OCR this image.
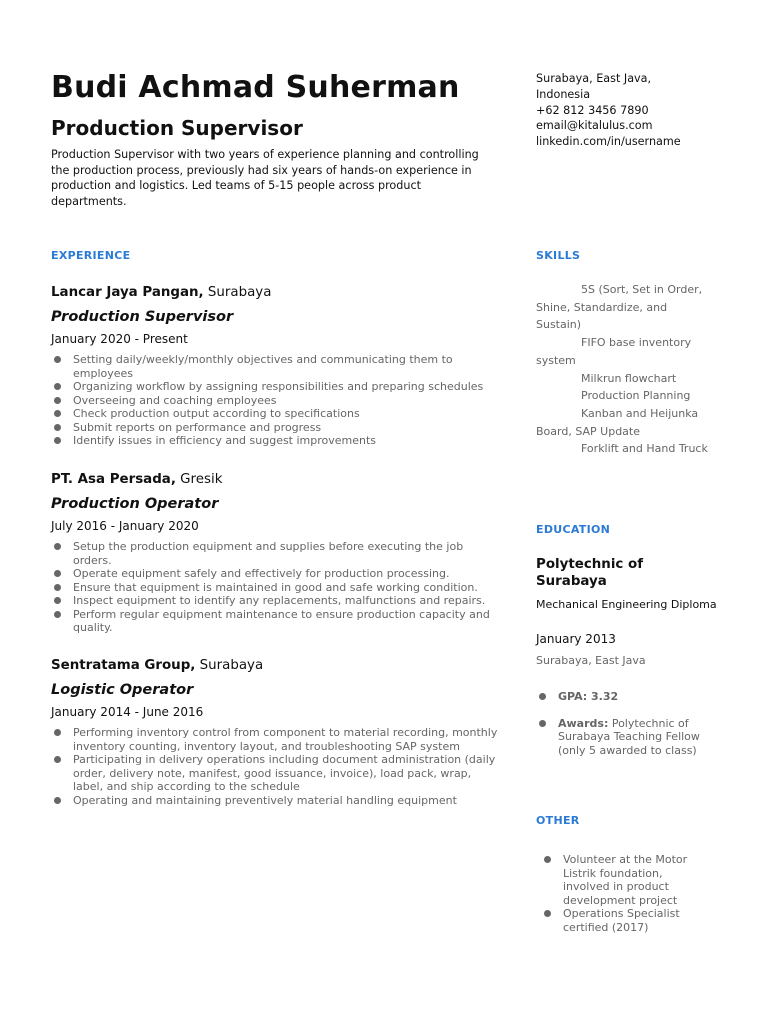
Budi Achmad Suherman
Production Supervisor

Production Supervisor with two years of experience planning and controlling the production process, previously had six years of hands-on experience in production and logistics. Led teams of 5-15 people across product departments.

Surabaya, East Java,
Indonesia
+62 812 3456 7890
email@kitalulus.com
linkedin.com/in/username
EXPERIENCE	SKILLS
EDUCATION
OTHER

Lancar Jaya Pangan, Surabaya

Production Supervisor

January 2020 - Present

Setting daily/weekly/monthly objectives and communicating them to employees
Organizing workflow by assigning responsibilities and preparing schedules
Overseeing and coaching employees
Check production output according to specifications
Submit reports on performance and progress
Identify issues in efficiency and suggest improvements

PT. Asa Persada, Gresik

Production Operator

July 2016 - January 2020

Setup the production equipment and supplies before executing the job orders.
Operate equipment safely and effectively for production processing.
Ensure that equipment is maintained in good and safe working condition.
Inspect equipment to identify any replacements, malfunctions and repairs.
Perform regular equipment maintenance to ensure production capacity and quality.

Sentratama Group, Surabaya

Logistic Operator

January 2014 - June 2016

Performing inventory control from component to material recording, monthly inventory counting, inventory layout, and troubleshooting SAP system
Participating in delivery operations including document administration (daily order, delivery note, manifest, good issuance, invoice), load pack, wrap, label, and ship according to the schedule
Operating and maintaining preventively material handling equipment
5S (Sort, Set in Order, Shine, Standardize, and Sustain)
FIFO base inventory system
Milkrun flowchart
Production Planning
Kanban and Heijunka Board, SAP Update
Forklift and Hand Truck

Polytechnic of Surabaya

Mechanical Engineering Diploma

January 2013

Surabaya, East Java

GPA: 3.32
Awards: Polytechnic of Surabaya Teaching Fellow (only 5 awarded to class)
Volunteer at the Motor Listrik foundation, involved in product development project
Operations Specialist certified (2017)
